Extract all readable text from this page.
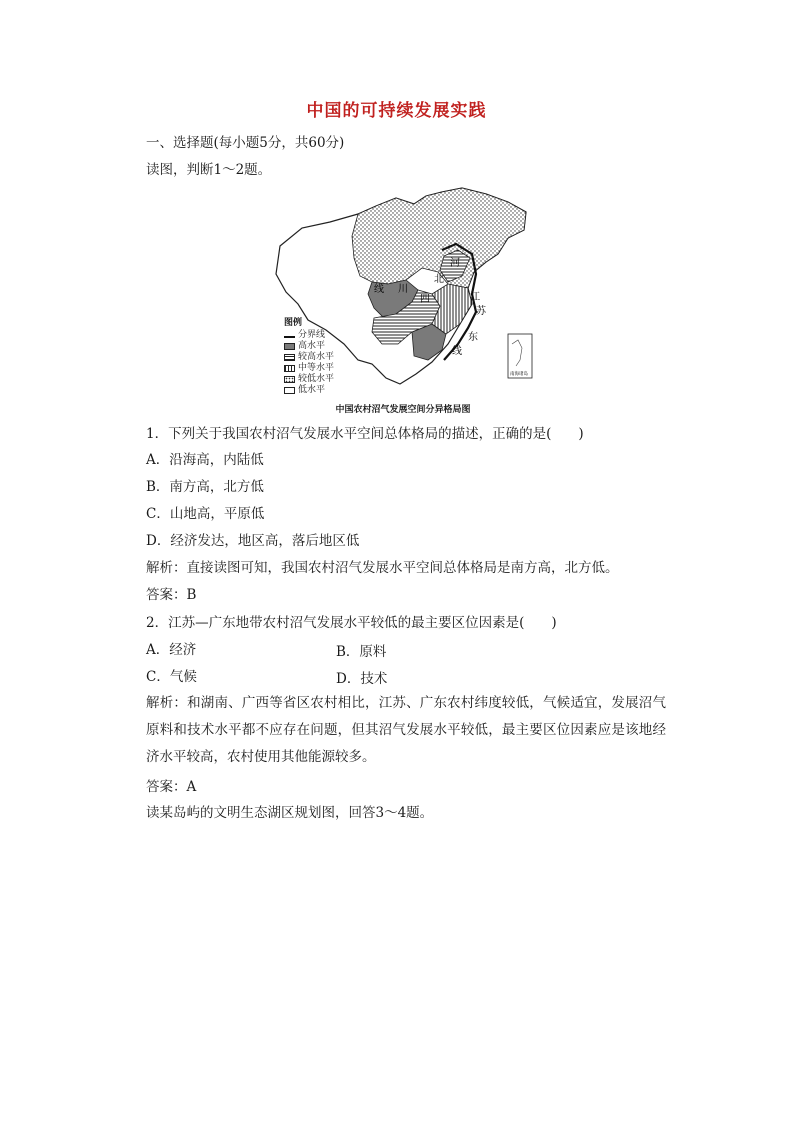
中国的可持续发展实践
一、选择题(每小题5分，共60分)
读图，判断1～2题。
河
北
线 川
四	江
苏
东
线
南海诸岛
中国农村沼气发展空间分异格局图
图例
分界线
高水平
较高水平
中等水平
较低水平
低水平
1．下列关于我国农村沼气发展水平空间总体格局的描述，正确的是(　　)
A．沿海高，内陆低
B．南方高，北方低
C．山地高，平原低
D．经济发达，地区高，落后地区低
解析：直接读图可知，我国农村沼气发展水平空间总体格局是南方高，北方低。
答案：B
2．江苏—广东地带农村沼气发展水平较低的最主要区位因素是(　　)
A．经济	B．原料
C．气候	D．技术
解析：和湖南、广西等省区农村相比，江苏、广东农村纬度较低，气候适宜，发展沼气原料和技术水平都不应存在问题，但其沼气发展水平较低，最主要区位因素应是该地经济水平较高，农村使用其他能源较多。
答案：A
读某岛屿的文明生态湖区规划图，回答3～4题。
